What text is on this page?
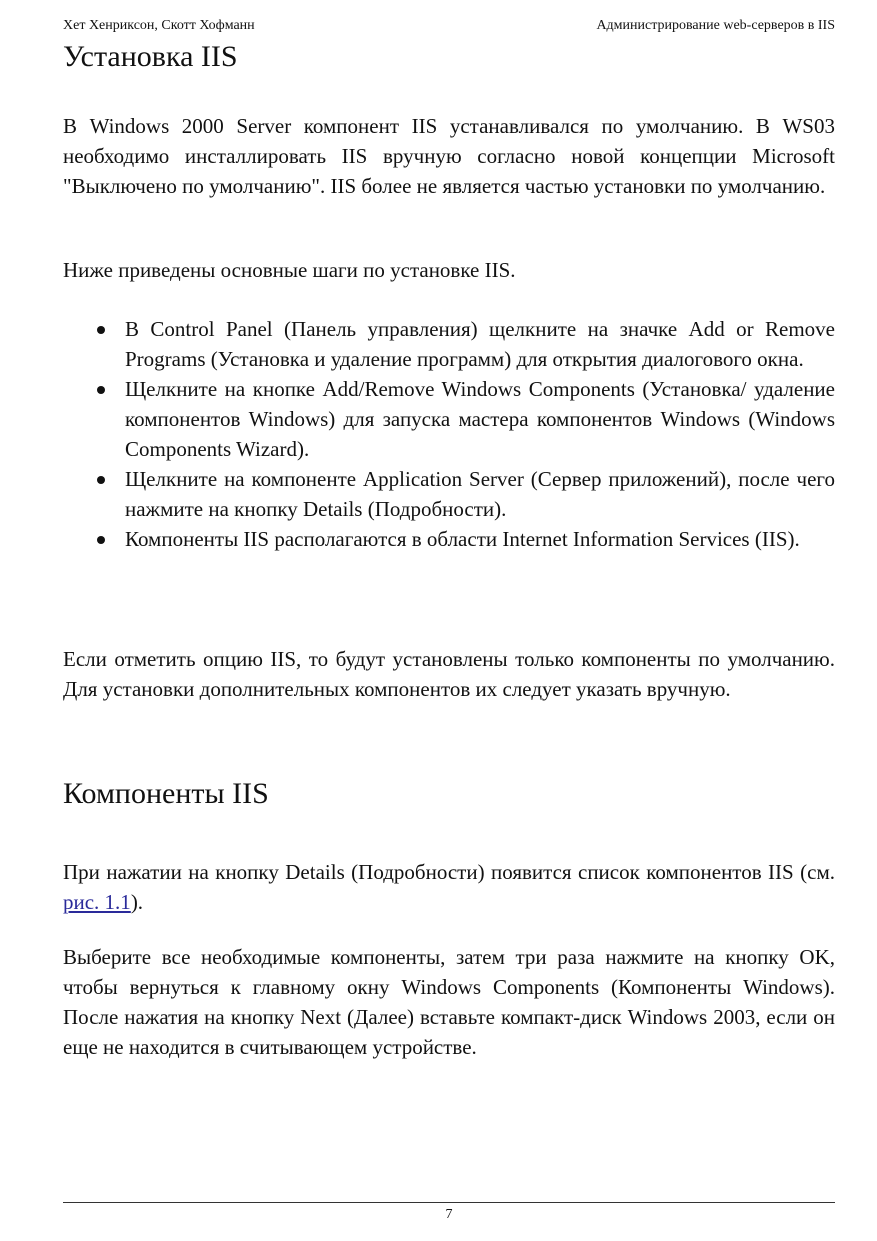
Хет Хенриксон, Скотт Хофманн	Администрирование web-серверов в IIS
Установка IIS

В Windows 2000 Server компонент IIS устанавливался по умолчанию. В WS03 необходимо инсталлировать IIS вручную согласно новой концепции Microsoft "Выключено по умолчанию". IIS более не является частью установки по умолчанию.

Ниже приведены основные шаги по установке IIS.

В Control Panel (Панель управления) щелкните на значке Add or Remove Programs (Установка и удаление программ) для открытия диалогового окна.
Щелкните на кнопке Add/Remove Windows Components (Установка/ удаление компонентов Windows) для запуска мастера компонентов Windows (Windows Components Wizard).
Щелкните на компоненте Application Server (Сервер приложений), после чего нажмите на кнопку Details (Подробности).
Компоненты IIS располагаются в области Internet Information Services (IIS).

Если отметить опцию IIS, то будут установлены только компоненты по умолчанию. Для установки дополнительных компонентов их следует указать вручную.

Компоненты IIS

При нажатии на кнопку Details (Подробности) появится список компонентов IIS (см. рис. 1.1).

Выберите все необходимые компоненты, затем три раза нажмите на кнопку OK, чтобы вернуться к главному окну Windows Components (Компоненты Windows). После нажатия на кнопку Next (Далее) вставьте компакт-диск Windows 2003, если он еще не находится в считывающем устройстве.

7
